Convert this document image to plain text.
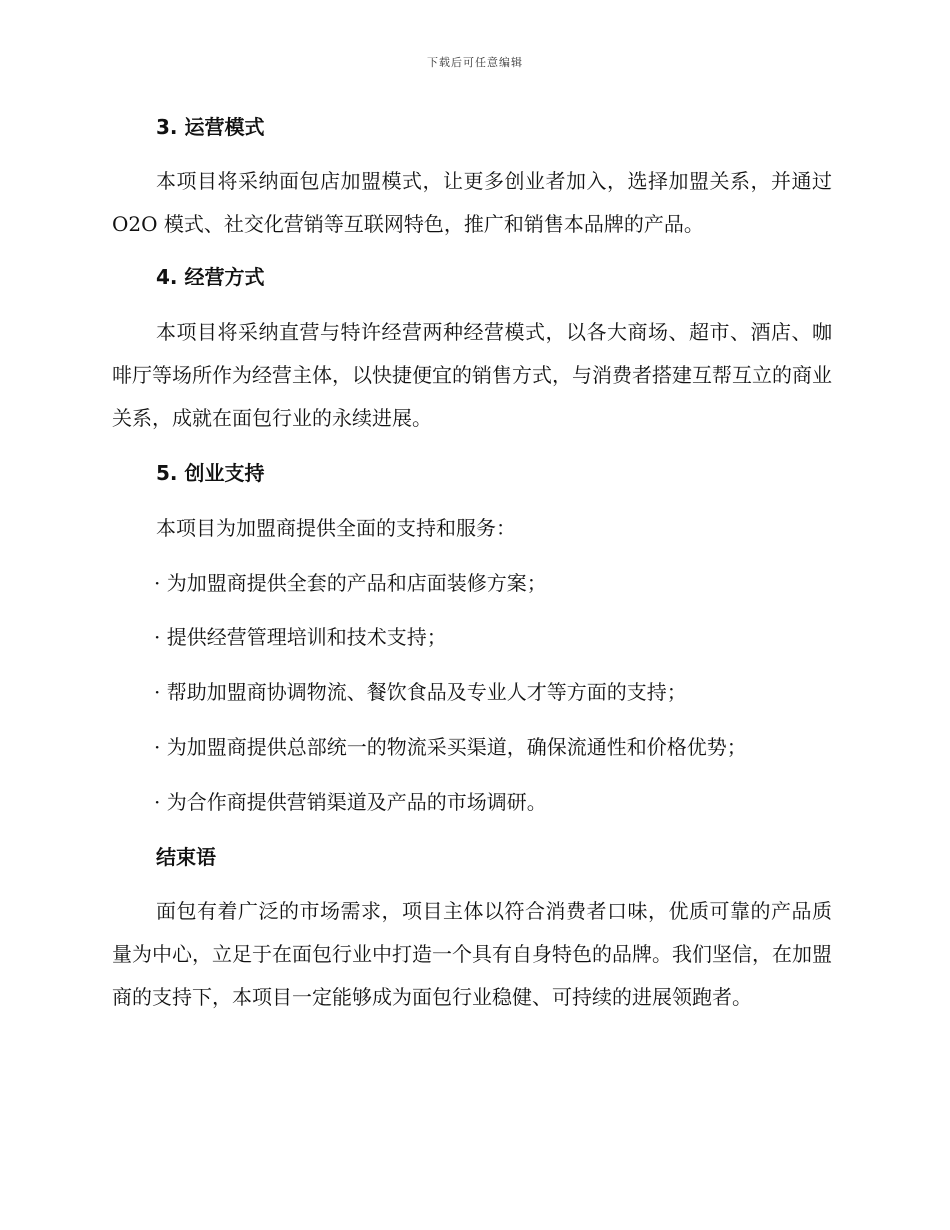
下载后可任意编辑
3. 运营模式

本项目将采纳面包店加盟模式，让更多创业者加入，选择加盟关系，并通过 O2O 模式、社交化营销等互联网特色，推广和销售本品牌的产品。

4. 经营方式

本项目将采纳直营与特许经营两种经营模式，以各大商场、超市、酒店、咖啡厅等场所作为经营主体，以快捷便宜的销售方式，与消费者搭建互帮互立的商业关系，成就在面包行业的永续进展。

5. 创业支持

本项目为加盟商提供全面的支持和服务：

· 为加盟商提供全套的产品和店面装修方案；

· 提供经营管理培训和技术支持；

· 帮助加盟商协调物流、餐饮食品及专业人才等方面的支持；

· 为加盟商提供总部统一的物流采买渠道，确保流通性和价格优势；

· 为合作商提供营销渠道及产品的市场调研。

结束语

面包有着广泛的市场需求，项目主体以符合消费者口味，优质可靠的产品质量为中心，立足于在面包行业中打造一个具有自身特色的品牌。我们坚信，在加盟商的支持下，本项目一定能够成为面包行业稳健、可持续的进展领跑者。
